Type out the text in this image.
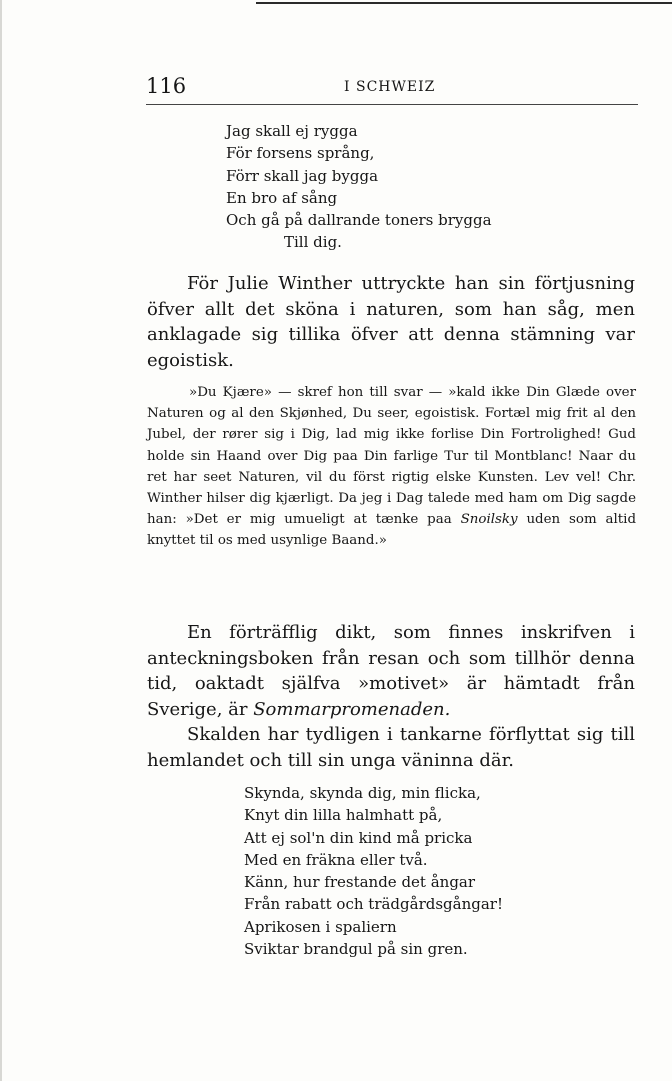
116	I SCHWEIZ
Jag skall ej rygga
För forsens språng,
Förr skall jag bygga
En bro af sång
Och gå på dallrande toners brygga
Till dig.

För Julie Winther uttryckte han sin förtjusning öfver allt det sköna i naturen, som han såg, men anklagade sig tillika öfver att denna stämning var egoistisk.

»Du Kjære» — skref hon till svar — »kald ikke Din Glæde over Naturen og al den Skjønhed, Du seer, egoistisk. Fortæl mig frit al den Jubel, der rører sig i Dig, lad mig ikke forlise Din Fortrolighed! Gud holde sin Haand over Dig paa Din farlige Tur til Montblanc! Naar du ret har seet Naturen, vil du först rigtig elske Kunsten. Lev vel! Chr. Winther hilser dig kjærligt. Da jeg i Dag talede med ham om Dig sagde han: »Det er mig umueligt at tænke paa Snoilsky uden som altid knyttet til os med usynlige Baand.»

En förträfflig dikt, som finnes inskrifven i anteckningsboken från resan och som tillhör denna tid, oaktadt själfva »motivet» är hämtadt från Sverige, är Sommarpromenaden.

Skalden har tydligen i tankarne förflyttat sig till hemlandet och till sin unga väninna där.

Skynda, skynda dig, min flicka,
Knyt din lilla halmhatt på,
Att ej sol'n din kind må pricka
Med en fräkna eller två.
Känn, hur frestande det ångar
Från rabatt och trädgårdsgångar!
Aprikosen i spaliern
Sviktar brandgul på sin gren.
